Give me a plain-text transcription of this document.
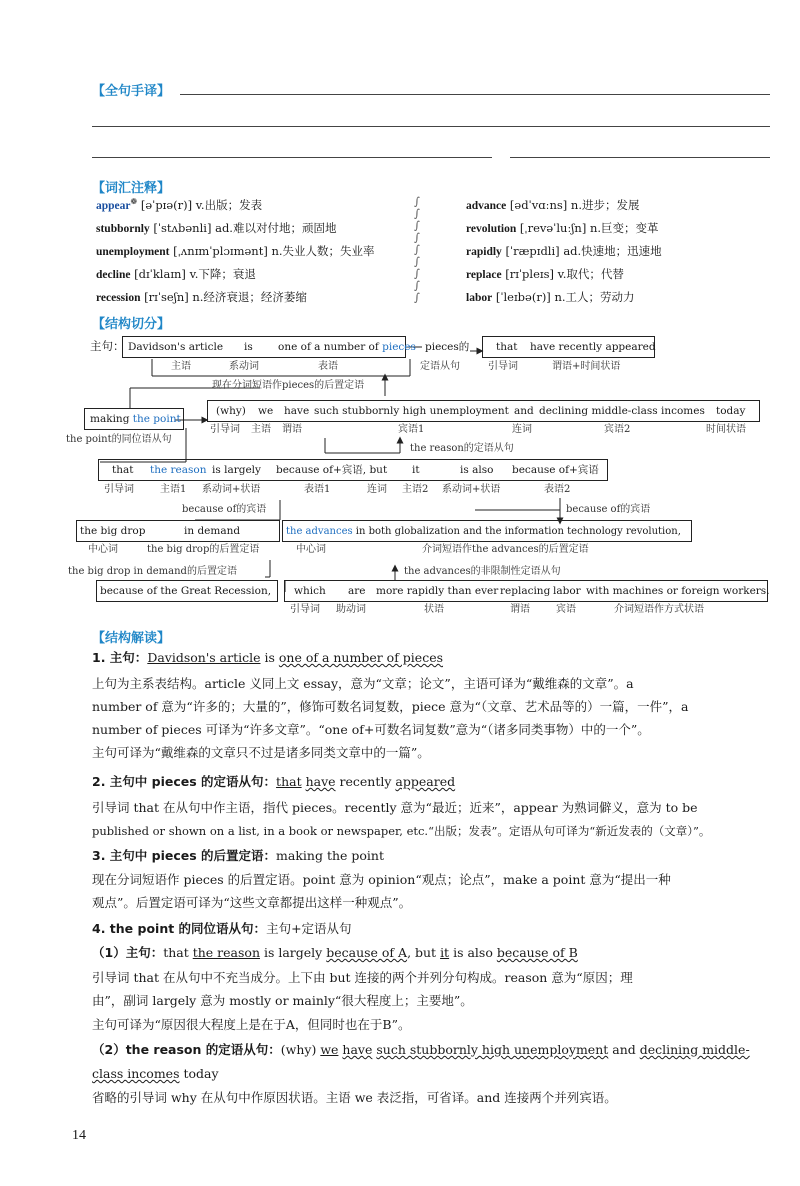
【全句手译】
【词汇注释】
【结构切分】
【结构解读】
appear❁ [əˈpɪə(r)] v.出版；发表
stubbornly [ˈstʌbənli] ad.难以对付地；顽固地
unemployment [ˌʌnɪmˈplɔɪmənt] n.失业人数；失业率
decline [dɪˈklaɪn] v.下降；衰退
recession [rɪˈseʃn] n.经济衰退；经济萎缩
∫
∫
∫
∫
∫
∫
∫
∫
∫
advance [ədˈvɑːns] n.进步；发展
revolution [ˌrevəˈluːʃn] n.巨变；变革
rapidly [ˈræpɪdli] ad.快速地；迅速地
replace [rɪˈpleɪs] v.取代；代替
labor [ˈleɪbə(r)] n.工人；劳动力
主句： Davidson's article is one of a number of pieces
主语	系动词	表语
pieces的
定语从句
that have recently appeared
引导词	谓语+时间状语
现在分词短语作pieces的后置定语
making the point
the point的同位语从句
(why) we have such stubbornly high unemployment and declining middle-class incomes today
引导词 主语 谓语	宾语1	连词	宾语2	时间状语
the reason的定语从句
that the reason is largely because of+宾语, but it	is also because of+宾语
引导词	主语1 系动词+状语	表语1	连词 主语2 系动词+状语	表语2
because of的宾语	because of的宾语
the big drop	in demand
中心词	the big drop的后置定语
the advances in both globalization and the information technology revolution,
中心词	介词短语作the advances的后置定语
the big drop in demand的后置定语	the advances的非限制性定语从句
because of the Great Recession, which are more rapidly than ever replacing labor with machines or foreign workers.
引导词 助动词	状语	谓语	宾语	介词短语作方式状语
1. 主句：Davidson's article is one of a number of pieces
上句为主系表结构。article 义同上文 essay，意为“文章；论文”，主语可译为“戴维森的文章”。a
number of 意为“许多的；大量的”，修饰可数名词复数，piece 意为“（文章、艺术品等的）一篇，一件”，a
number of pieces 可译为“许多文章”。“one of+可数名词复数”意为“（诸多同类事物）中的一个”。
主句可译为“戴维森的文章只不过是诸多同类文章中的一篇”。
2. 主句中 pieces 的定语从句：that have recently appeared
引导词 that 在从句中作主语，指代 pieces。recently 意为“最近；近来”，appear 为熟词僻义，意为 to be
published or shown on a list, in a book or newspaper, etc.“出版；发表”。定语从句可译为“新近发表的（文章）”。
3. 主句中 pieces 的后置定语：making the point
现在分词短语作 pieces 的后置定语。point 意为 opinion“观点；论点”，make a point 意为“提出一种
观点”。后置定语可译为“这些文章都提出这样一种观点”。
4. the point 的同位语从句：主句+定语从句
（1）主句：that the reason is largely because of A, but it is also because of B
引导词 that 在从句中不充当成分。上下由 but 连接的两个并列分句构成。reason 意为“原因；理
由”，副词 largely 意为 mostly or mainly“很大程度上；主要地”。
主句可译为“原因很大程度上是在于A，但同时也在于B”。
（2）the reason 的定语从句：(why) we have such stubbornly high unemployment and declining middle-
class incomes today
省略的引导词 why 在从句中作原因状语。主语 we 表泛指，可省译。and 连接两个并列宾语。
14
